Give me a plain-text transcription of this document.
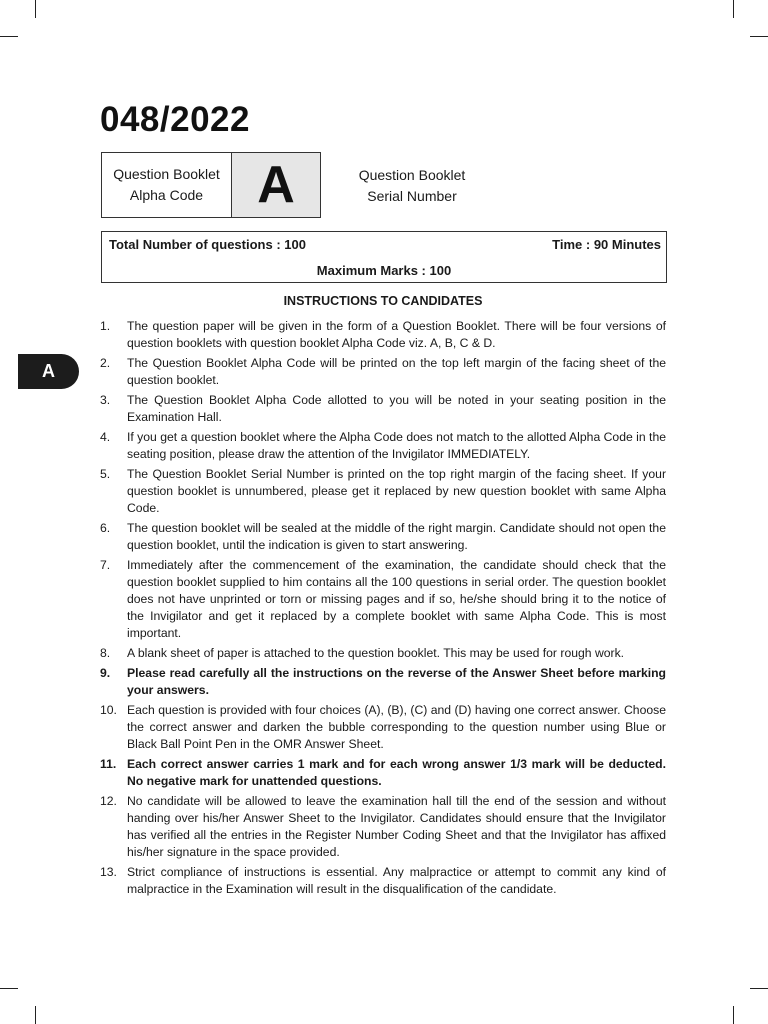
048/2022
Question Booklet
Alpha Code	A	Question Booklet
Serial Number
Total Number of questions : 100	Time : 90 Minutes
Maximum Marks : 100
INSTRUCTIONS TO CANDIDATES
A
1.	The question paper will be given in the form of a Question Booklet. There will be four versions of question booklets with question booklet Alpha Code viz. A, B, C & D.
2.	The Question Booklet Alpha Code will be printed on the top left margin of the facing sheet of the question booklet.
3.	The Question Booklet Alpha Code allotted to you will be noted in your seating position in the Examination Hall.
4.	If you get a question booklet where the Alpha Code does not match to the allotted Alpha Code in the seating position, please draw the attention of the Invigilator IMMEDIATELY.
5.	The Question Booklet Serial Number is printed on the top right margin of the facing sheet. If your question booklet is unnumbered, please get it replaced by new question booklet with same Alpha Code.
6.	The question booklet will be sealed at the middle of the right margin. Candidate should not open the question booklet, until the indication is given to start answering.
7.	Immediately after the commencement of the examination, the candidate should check that the question booklet supplied to him contains all the 100 questions in serial order. The question booklet does not have unprinted or torn or missing pages and if so, he/she should bring it to the notice of the Invigilator and get it replaced by a complete booklet with same Alpha Code. This is most important.
8.	A blank sheet of paper is attached to the question booklet. This may be used for rough work.
9.	Please read carefully all the instructions on the reverse of the Answer Sheet before marking your answers.
10. Each question is provided with four choices (A), (B), (C) and (D) having one correct answer. Choose the correct answer and darken the bubble corresponding to the question number using Blue or Black Ball Point Pen in the OMR Answer Sheet.
11. Each correct answer carries 1 mark and for each wrong answer 1/3 mark will be deducted. No negative mark for unattended questions.
12. No candidate will be allowed to leave the examination hall till the end of the session and without handing over his/her Answer Sheet to the Invigilator. Candidates should ensure that the Invigilator has verified all the entries in the Register Number Coding Sheet and that the Invigilator has affixed his/her signature in the space provided.
13. Strict compliance of instructions is essential. Any malpractice or attempt to commit any kind of malpractice in the Examination will result in the disqualification of the candidate.
